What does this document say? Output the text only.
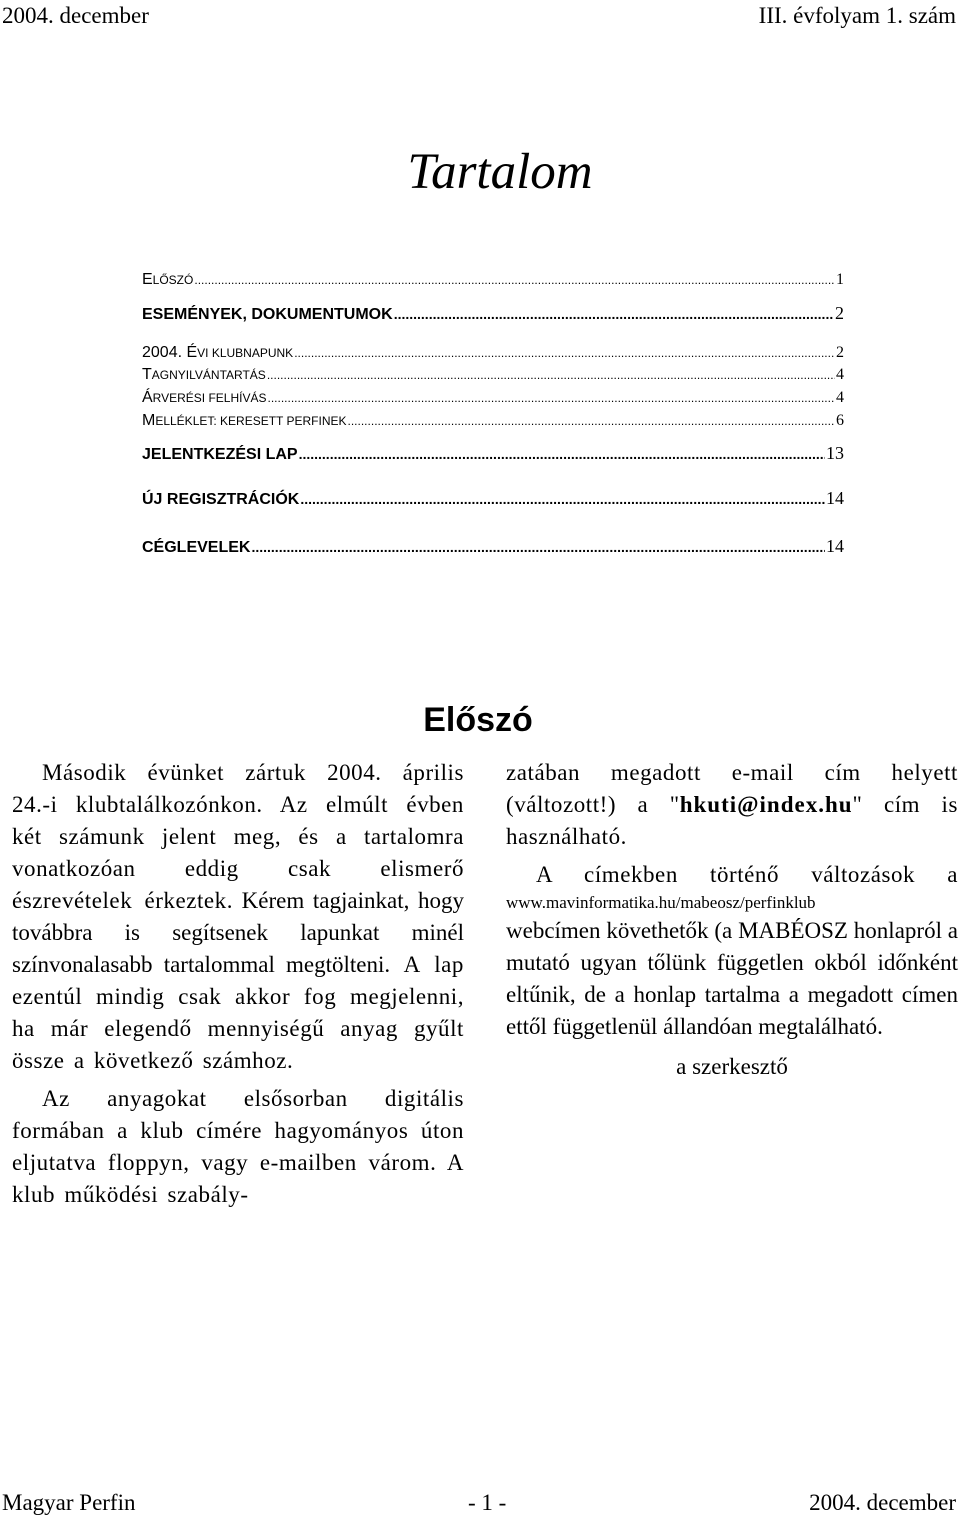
2004. december	III. évfolyam 1. szám
Tartalom
ELŐSZÓ .....	1
ESEMÉNYEK, DOKUMENTUMOK .....	2
2004. ÉVI KLUBNAPUNK .....	2
TAGNYILVÁNTARTÁS .....	4
ÁRVERÉSI FELHÍVÁS .....	4
MELLÉKLET: KERESETT PERFINEK .....	6
JELENTKEZÉSI LAP .....	13
ÚJ REGISZTRÁCIÓK .....	14
CÉGLEVELEK .....	14
Előszó

Második évünket zártuk 2004. április 24.-i klubtalálkozónkon. Az elmúlt évben két számunk jelent meg, és a tartalomra vonatkozóan eddig csak elismerő észrevételek érkeztek. Kérem tagjainkat, hogy továbbra is segítsenek lapunkat minél színvonalasabb tartalommal megtölteni. A lap ezentúl mindig csak akkor fog megjelenni, ha már elegendő mennyiségű anyag gyűlt össze a következő számhoz.

Az anyagokat elsősorban digitális formában a klub címére hagyományos úton eljutatva floppyn, vagy e-mailben várom. A klub működési szabály-

zatában megadott e-mail cím helyett (változott!) a "hkuti@index.hu" cím is használható.

A címekben történő változások a

www.mavinformatika.hu/mabeosz/perfinklub

webcímen követhetők (a MABÉOSZ honlapról a mutató ugyan tőlünk független okból időnként eltűnik, de a honlap tartalma a megadott címen ettől függetlenül állandóan megtalálható.

a szerkesztő

Magyar Perfin	- 1 -	2004. december
